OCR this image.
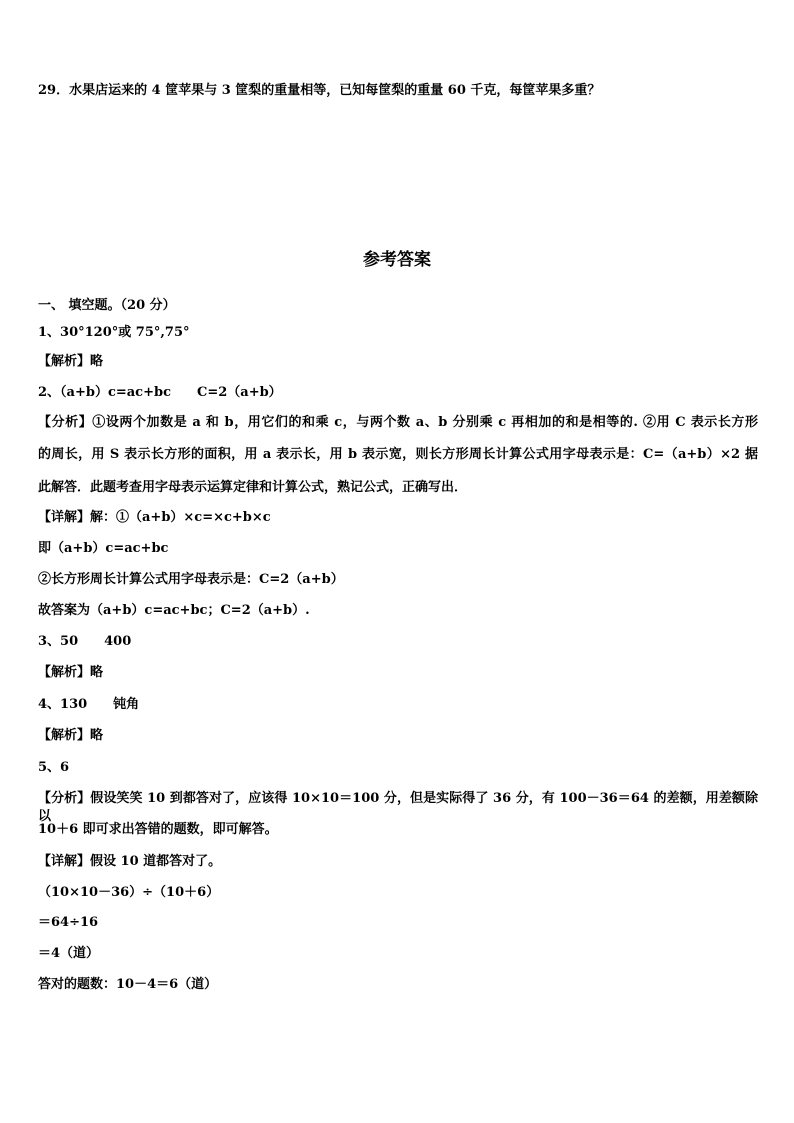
29．水果店运来的 4 筐苹果与 3 筐梨的重量相等，已知每筐梨的重量 60 千克，每筐苹果多重？
参考答案
一、 填空题。（20 分）
1、30°120°或 75°,75°
【解析】略
2、（a+b）c=ac+bc　　C=2（a+b）
【分析】①设两个加数是 a 和 b，用它们的和乘 c，与两个数 a、b 分别乘 c 再相加的和是相等的. ②用 C 表示长方形
的周长，用 S 表示长方形的面积，用 a 表示长，用 b 表示宽，则长方形周长计算公式用字母表示是：C=（a+b）×2 据
此解答．此题考查用字母表示运算定律和计算公式，熟记公式，正确写出．
【详解】解：①（a+b）×c=×c+b×c
即（a+b）c=ac+bc
②长方形周长计算公式用字母表示是：C=2（a+b）
故答案为（a+b）c=ac+bc；C=2（a+b）.
3、50　　400
【解析】略
4、130　　钝角
【解析】略
5、6
【分析】假设笑笑 10 到都答对了，应该得 10×10＝100 分，但是实际得了 36 分，有 100－36＝64 的差额，用差额除以
10＋6 即可求出答错的题数，即可解答。
【详解】假设 10 道都答对了。
（10×10－36）÷（10＋6）
＝64÷16
＝4（道）
答对的题数：10－4＝6（道）
